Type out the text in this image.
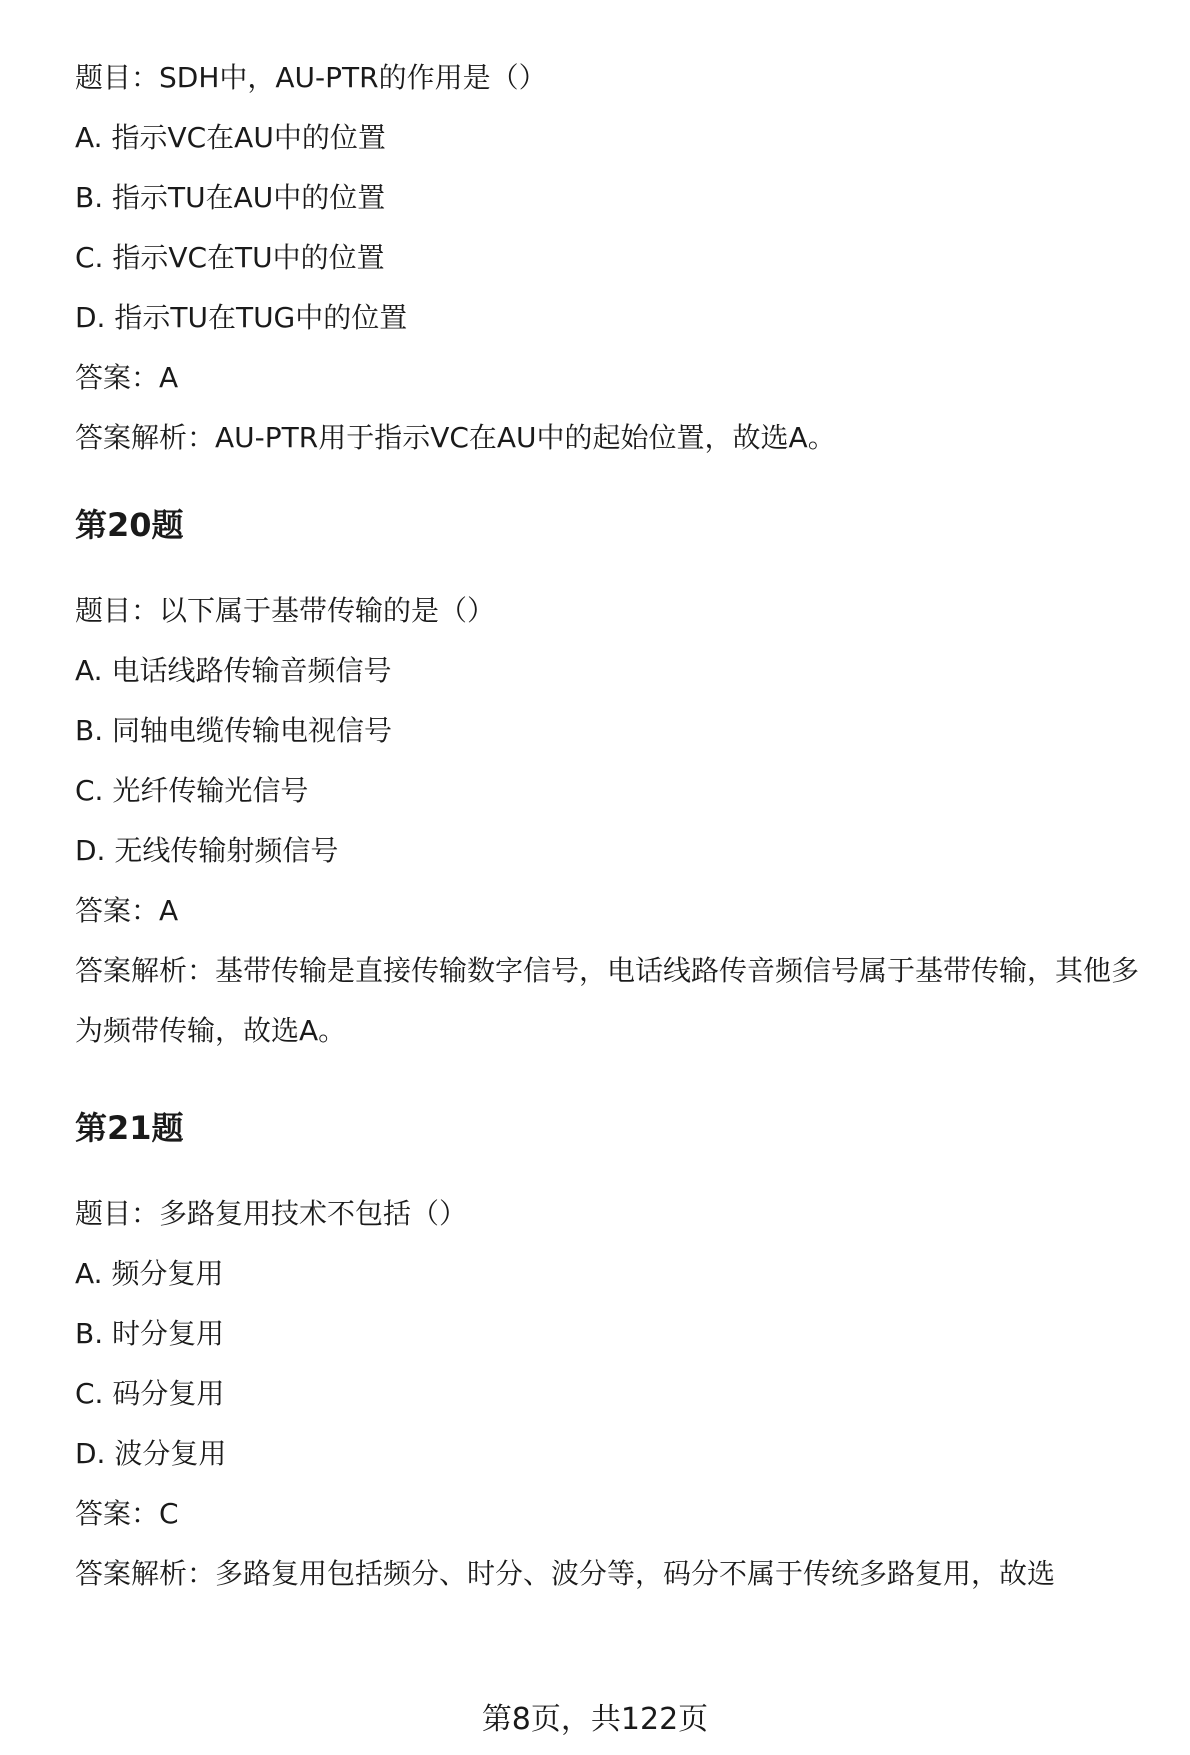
题目：SDH中，AU-PTR的作用是（）
A. 指示VC在AU中的位置
B. 指示TU在AU中的位置
C. 指示VC在TU中的位置
D. 指示TU在TUG中的位置
答案：A
答案解析：AU-PTR用于指示VC在AU中的起始位置，故选A。
第20题
题目：以下属于基带传输的是（）
A. 电话线路传输音频信号
B. 同轴电缆传输电视信号
C. 光纤传输光信号
D. 无线传输射频信号
答案：A
答案解析：基带传输是直接传输数字信号，电话线路传音频信号属于基带传输，其他多为频带传输，故选A。
第21题
题目：多路复用技术不包括（）
A. 频分复用
B. 时分复用
C. 码分复用
D. 波分复用
答案：C
答案解析：多路复用包括频分、时分、波分等，码分不属于传统多路复用，故选
第8页，共122页
